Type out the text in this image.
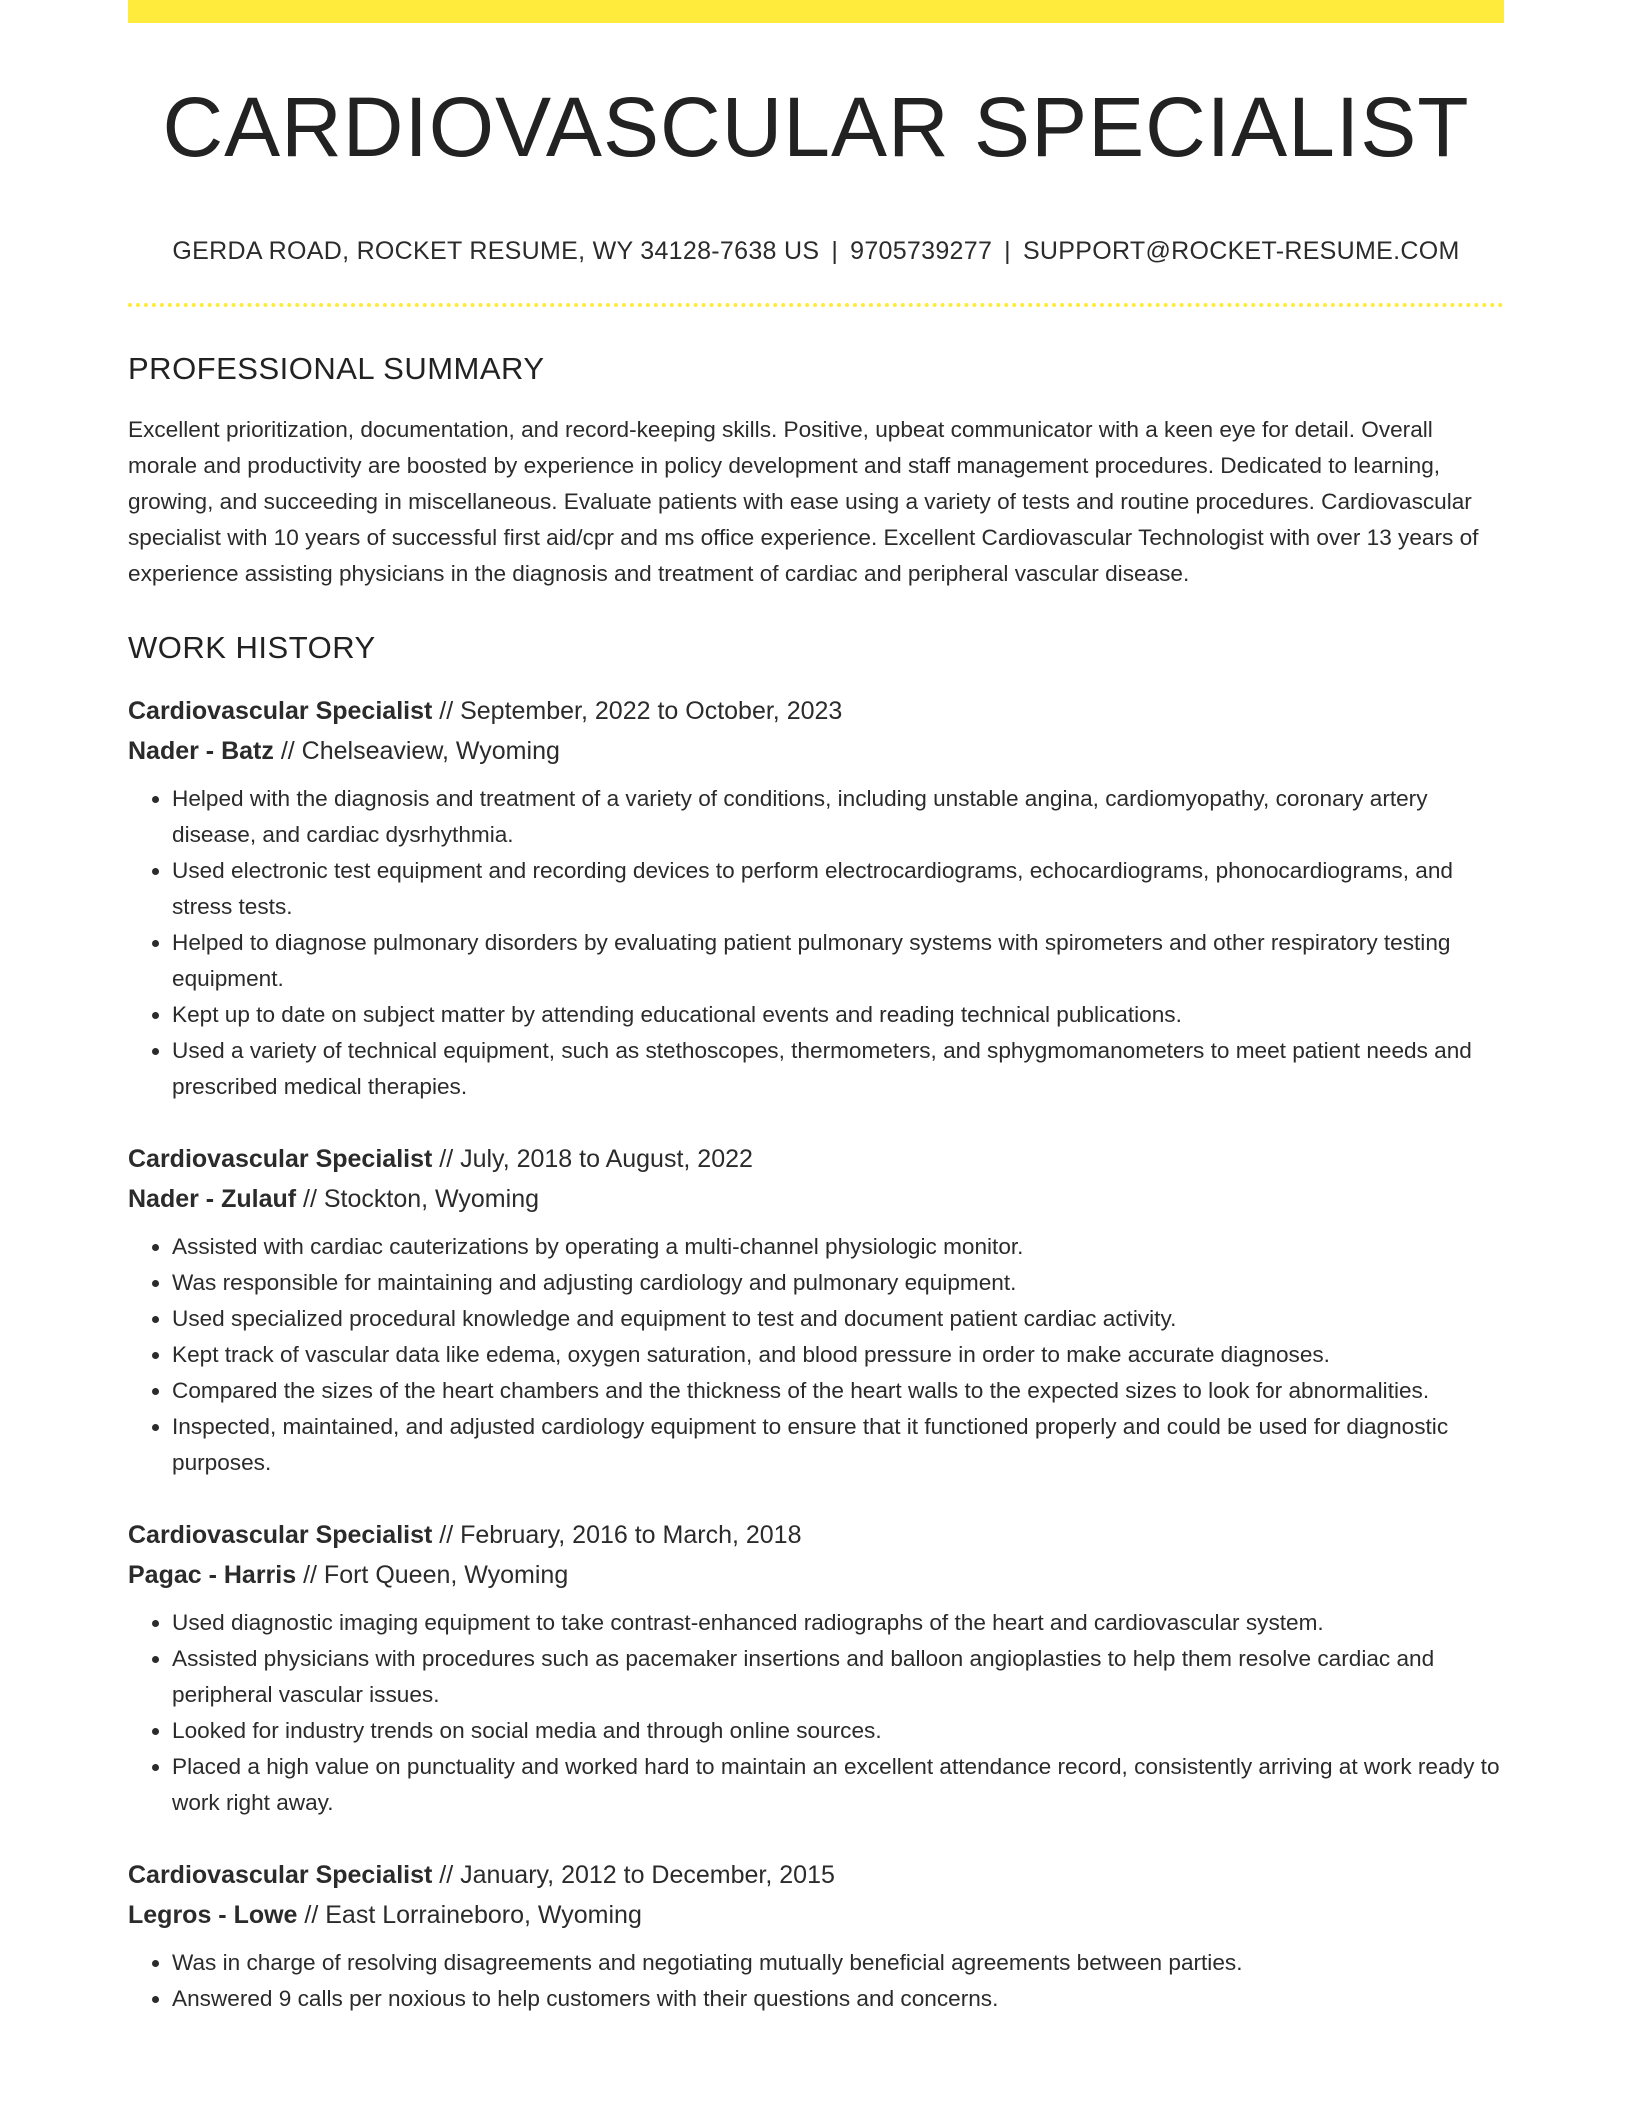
CARDIOVASCULAR SPECIALIST
GERDA ROAD, ROCKET RESUME, WY 34128-7638 US | 9705739277 | SUPPORT@ROCKET-RESUME.COM
PROFESSIONAL SUMMARY

Excellent prioritization, documentation, and record-keeping skills. Positive, upbeat communicator with a keen eye for detail. Overall morale and productivity are boosted by experience in policy development and staff management procedures. Dedicated to learning, growing, and succeeding in miscellaneous. Evaluate patients with ease using a variety of tests and routine procedures. Cardiovascular specialist with 10 years of successful first aid/cpr and ms office experience. Excellent Cardiovascular Technologist with over 13 years of experience assisting physicians in the diagnosis and treatment of cardiac and peripheral vascular disease.

WORK HISTORY
Cardiovascular Specialist // September, 2022 to October, 2023
Nader - Batz // Chelseaview, Wyoming
• Helped with the diagnosis and treatment of a variety of conditions, including unstable angina, cardiomyopathy, coronary artery disease, and cardiac dysrhythmia.
• Used electronic test equipment and recording devices to perform electrocardiograms, echocardiograms, phonocardiograms, and stress tests.
• Helped to diagnose pulmonary disorders by evaluating patient pulmonary systems with spirometers and other respiratory testing equipment.
• Kept up to date on subject matter by attending educational events and reading technical publications.
• Used a variety of technical equipment, such as stethoscopes, thermometers, and sphygmomanometers to meet patient needs and prescribed medical therapies.
Cardiovascular Specialist // July, 2018 to August, 2022
Nader - Zulauf // Stockton, Wyoming
• Assisted with cardiac cauterizations by operating a multi-channel physiologic monitor.
• Was responsible for maintaining and adjusting cardiology and pulmonary equipment.
• Used specialized procedural knowledge and equipment to test and document patient cardiac activity.
• Kept track of vascular data like edema, oxygen saturation, and blood pressure in order to make accurate diagnoses.
• Compared the sizes of the heart chambers and the thickness of the heart walls to the expected sizes to look for abnormalities.
• Inspected, maintained, and adjusted cardiology equipment to ensure that it functioned properly and could be used for diagnostic purposes.
Cardiovascular Specialist // February, 2016 to March, 2018
Pagac - Harris // Fort Queen, Wyoming
• Used diagnostic imaging equipment to take contrast-enhanced radiographs of the heart and cardiovascular system.
• Assisted physicians with procedures such as pacemaker insertions and balloon angioplasties to help them resolve cardiac and peripheral vascular issues.
• Looked for industry trends on social media and through online sources.
• Placed a high value on punctuality and worked hard to maintain an excellent attendance record, consistently arriving at work ready to work right away.
Cardiovascular Specialist // January, 2012 to December, 2015
Legros - Lowe // East Lorraineboro, Wyoming
• Was in charge of resolving disagreements and negotiating mutually beneficial agreements between parties.
• Answered 9 calls per noxious to help customers with their questions and concerns.
